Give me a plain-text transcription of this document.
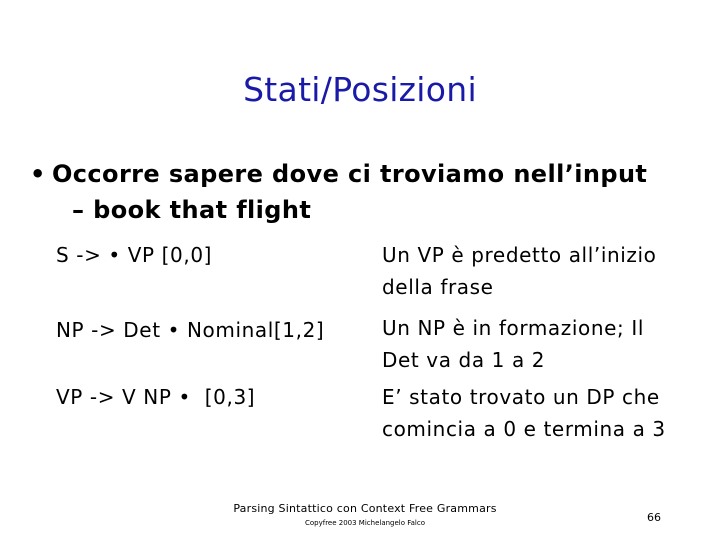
Stati/Posizioni
• Occorre sapere dove ci troviamo nell’input
– book that flight
S -> • VP [0,0]	Un VP è predetto all’inizio
della frase
NP -> Det • Nominal[1,2]	Un NP è in formazione; Il
Det va da 1 a 2
VP -> V NP •  [0,3]	E’ stato trovato un DP che
comincia a 0 e termina a 3
Parsing Sintattico con Context Free Grammars
Copyfree 2003 Michelangelo Falco	66
